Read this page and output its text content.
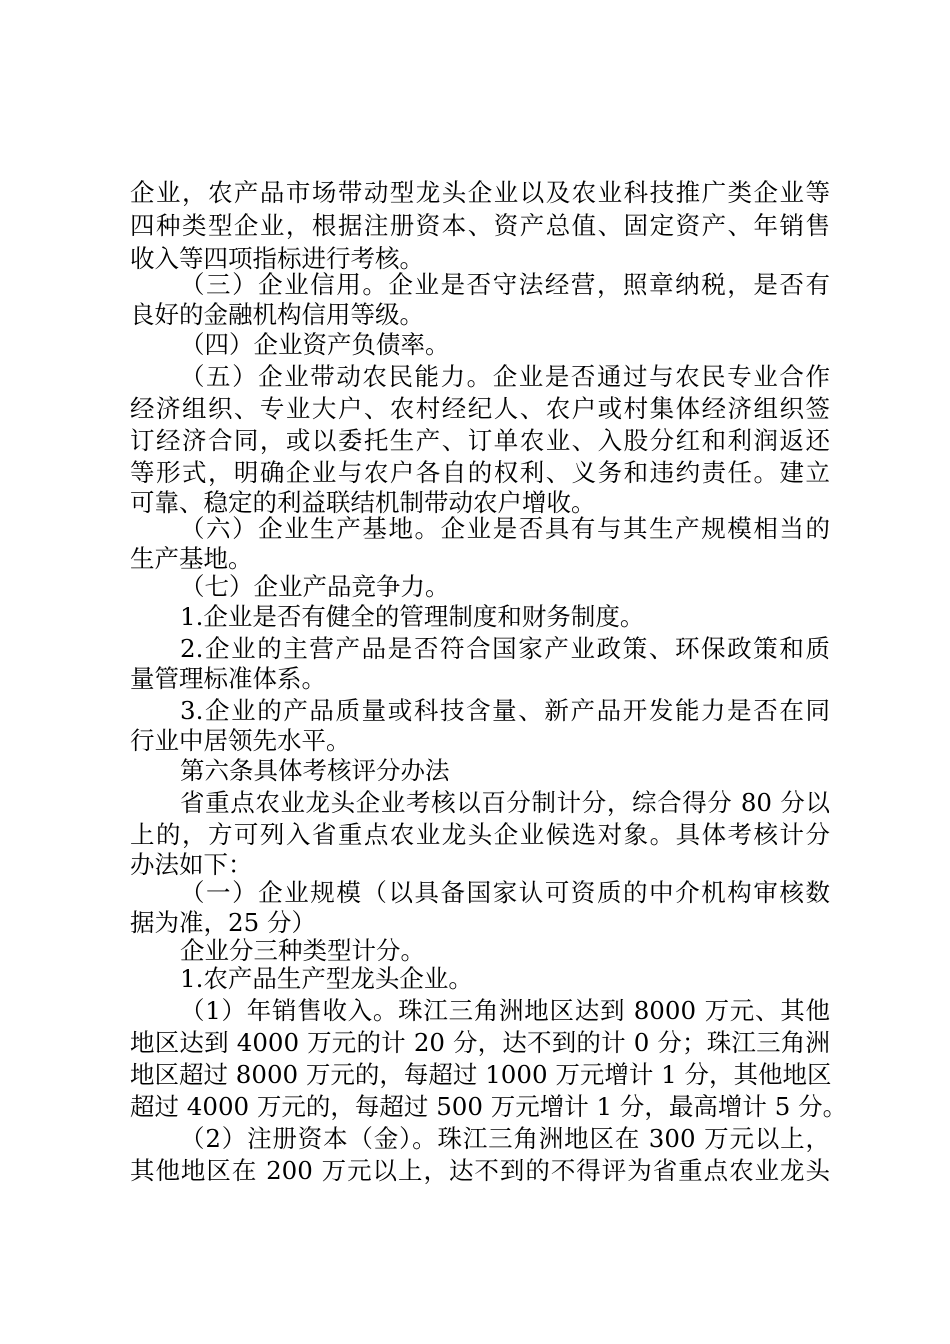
企业，农产品市场带动型龙头企业以及农业科技推广类企业等
四种类型企业，根据注册资本、资产总值、固定资产、年销售
收入等四项指标进行考核。
（三）企业信用。企业是否守法经营，照章纳税，是否有
良好的金融机构信用等级。
（四）企业资产负债率。
（五）企业带动农民能力。企业是否通过与农民专业合作
经济组织、专业大户、农村经纪人、农户或村集体经济组织签
订经济合同，或以委托生产、订单农业、入股分红和利润返还
等形式，明确企业与农户各自的权利、义务和违约责任。建立
可靠、稳定的利益联结机制带动农户增收。
（六）企业生产基地。企业是否具有与其生产规模相当的
生产基地。
（七）企业产品竞争力。
1.企业是否有健全的管理制度和财务制度。
2.企业的主营产品是否符合国家产业政策、环保政策和质
量管理标准体系。
3.企业的产品质量或科技含量、新产品开发能力是否在同
行业中居领先水平。
第六条具体考核评分办法
省重点农业龙头企业考核以百分制计分，综合得分 80 分以
上的，方可列入省重点农业龙头企业候选对象。具体考核计分
办法如下：
（一）企业规模（以具备国家认可资质的中介机构审核数
据为准，25 分）
企业分三种类型计分。
1.农产品生产型龙头企业。
（1）年销售收入。珠江三角洲地区达到 8000 万元、其他
地区达到 4000 万元的计 20 分，达不到的计 0 分；珠江三角洲
地区超过 8000 万元的，每超过 1000 万元增计 1 分，其他地区
超过 4000 万元的，每超过 500 万元增计 1 分，最高增计 5 分。
（2）注册资本（金）。珠江三角洲地区在 300 万元以上，
其他地区在 200 万元以上，达不到的不得评为省重点农业龙头
